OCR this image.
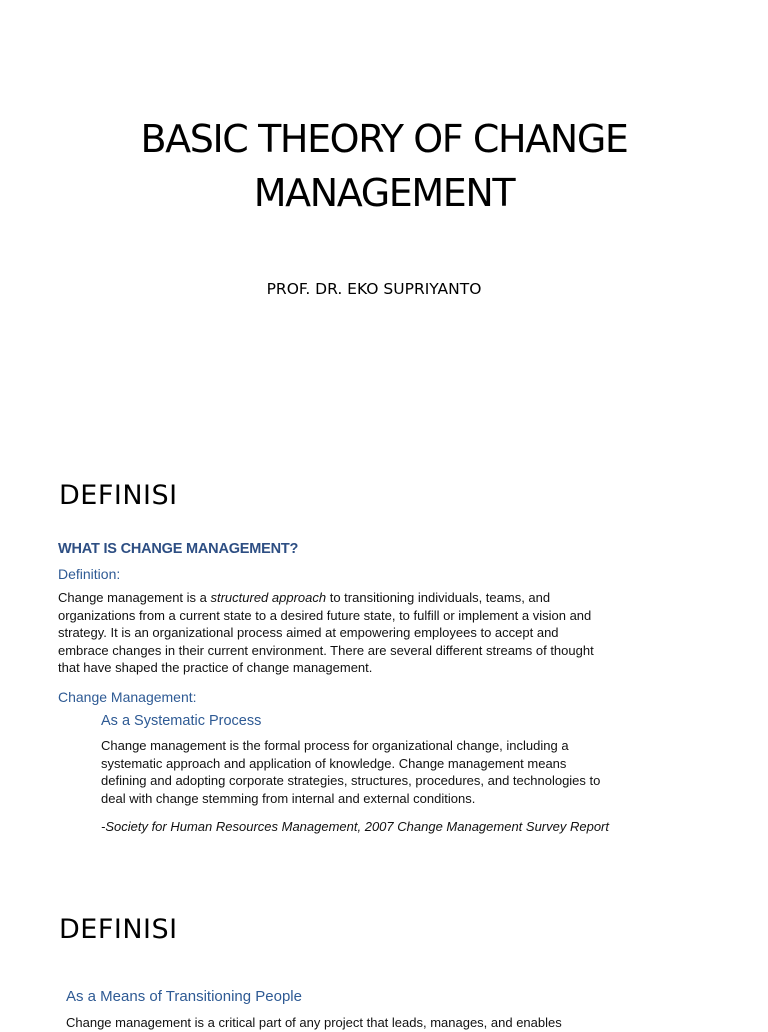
BASIC THEORY OF CHANGE
MANAGEMENT
PROF. DR. EKO SUPRIYANTO
DEFINISI
WHAT IS CHANGE MANAGEMENT?
Definition:
Change management is a structured approach to transitioning individuals, teams, and
organizations from a current state to a desired future state, to fulfill or implement a vision and
strategy. It is an organizational process aimed at empowering employees to accept and
embrace changes in their current environment. There are several different streams of thought
that have shaped the practice of change management.
Change Management:
As a Systematic Process
Change management is the formal process for organizational change, including a
systematic approach and application of knowledge. Change management means
defining and adopting corporate strategies, structures, procedures, and technologies to
deal with change stemming from internal and external conditions.
-Society for Human Resources Management, 2007 Change Management Survey Report
DEFINISI
As a Means of Transitioning People
Change management is a critical part of any project that leads, manages, and enables
